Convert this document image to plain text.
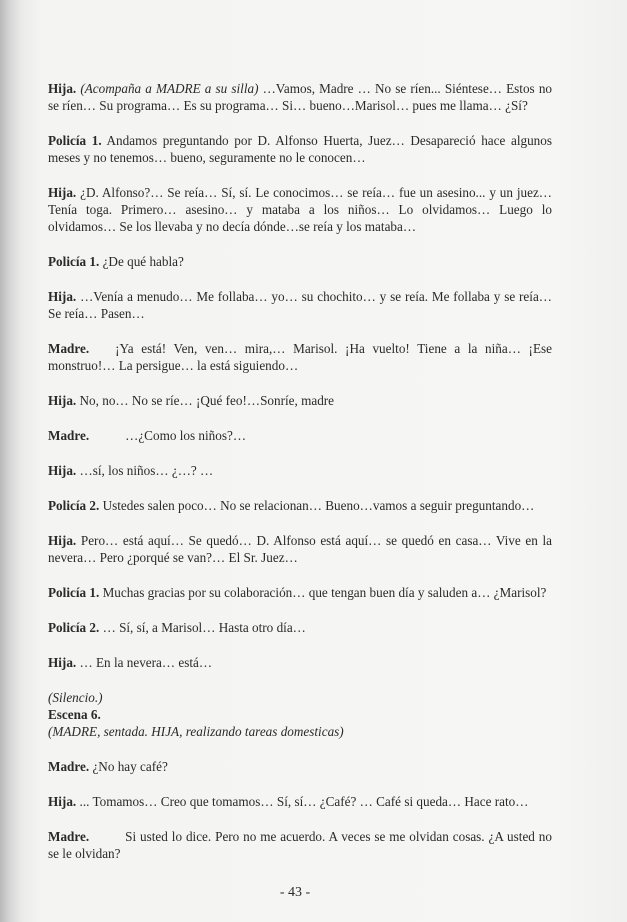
Hija. (Acompaña a MADRE a su silla) …Vamos, Madre … No se ríen... Siéntese… Estos no se ríen… Su programa… Es su programa… Si… bueno…Marisol… pues me llama… ¿Sí?

Policía 1. Andamos preguntando por D. Alfonso Huerta, Juez… Desapareció hace algunos meses y no tenemos… bueno, seguramente no le conocen…

Hija. ¿D. Alfonso?… Se reía… Sí, sí. Le conocimos… se reía… fue un asesino... y un juez… Tenía toga. Primero… asesino… y mataba a los niños… Lo olvidamos… Luego lo olvidamos… Se los llevaba y no decía dónde…se reía y los mataba…

Policía 1. ¿De qué habla?

Hija. …Venía a menudo… Me follaba… yo… su chochito… y se reía. Me follaba y se reía… Se reía… Pasen…

Madre. ¡Ya está! Ven, ven… mira,… Marisol. ¡Ha vuelto! Tiene a la niña… ¡Ese monstruo!… La persigue… la está siguiendo…

Hija. No, no… No se ríe… ¡Qué feo!…Sonríe, madre

Madre.	…¿Como los niños?…

Hija. …sí, los niños… ¿…? …

Policía 2. Ustedes salen poco… No se relacionan… Bueno…vamos a seguir preguntando…

Hija. Pero… está aquí… Se quedó… D. Alfonso está aquí… se quedó en casa… Vive en la nevera… Pero ¿porqué se van?… El Sr. Juez…

Policía 1. Muchas gracias por su colaboración… que tengan buen día y saluden a… ¿Marisol?

Policía 2. … Sí, sí, a Marisol… Hasta otro día…

Hija. … En la nevera… está…

(Silencio.)

Escena 6.

(MADRE, sentada. HIJA, realizando tareas domesticas)

Madre. ¿No hay café?

Hija. ... Tomamos… Creo que tomamos… Sí, sí… ¿Café? … Café si queda… Hace rato…

Madre.	Si usted lo dice. Pero no me acuerdo. A veces se me olvidan cosas. ¿A usted no se le olvidan?

- 43 -
